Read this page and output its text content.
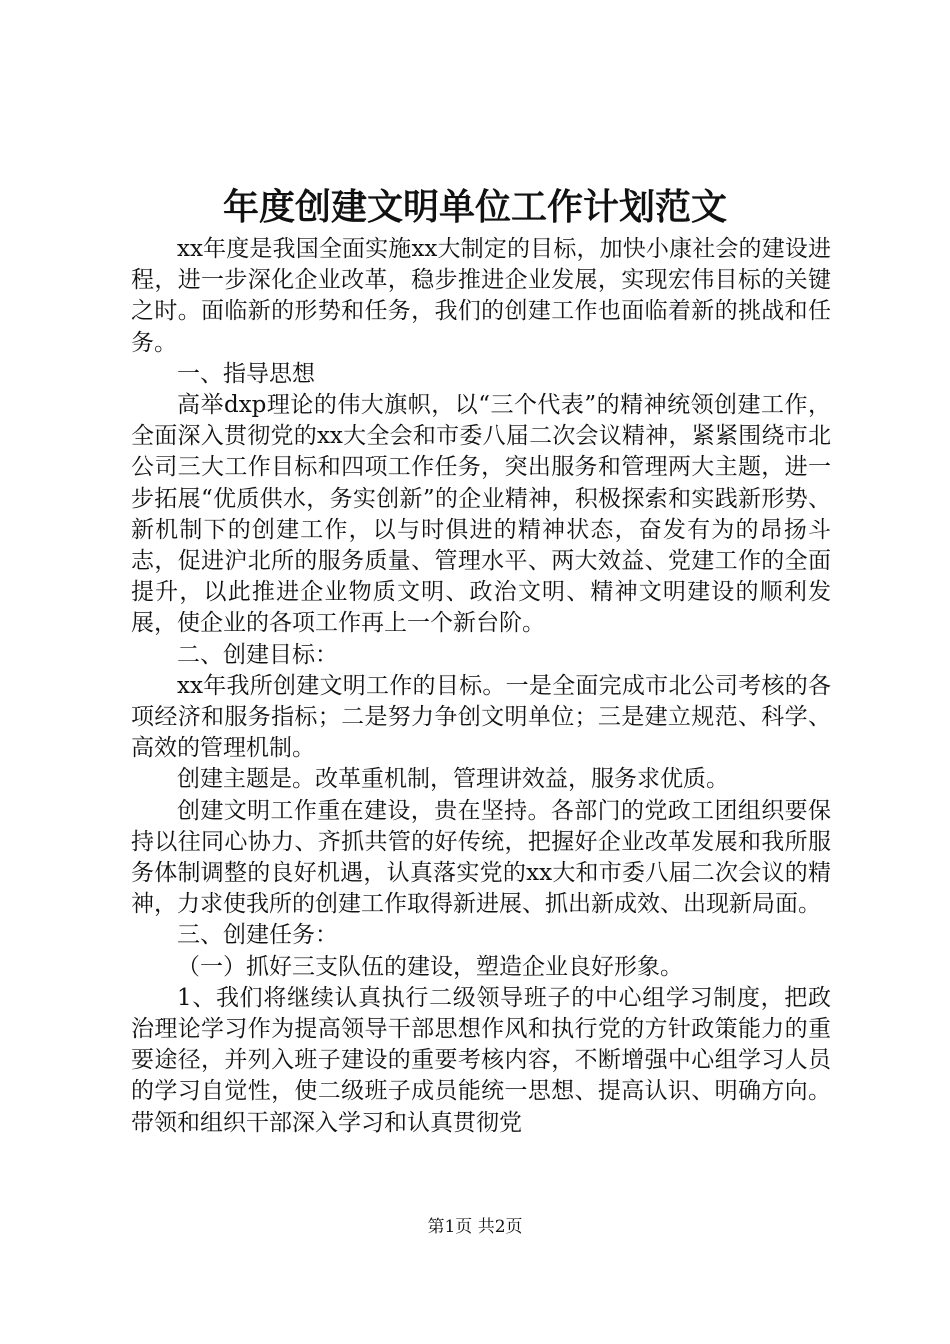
年度创建文明单位工作计划范文

xx年度是我国全面实施xx大制定的目标，加快小康社会的建设进程，进一步深化企业改革，稳步推进企业发展，实现宏伟目标的关键之时。面临新的形势和任务，我们的创建工作也面临着新的挑战和任务。

一、指导思想

高举dxp理论的伟大旗帜，以“三个代表”的精神统领创建工作，全面深入贯彻党的xx大全会和市委八届二次会议精神，紧紧围绕市北公司三大工作目标和四项工作任务，突出服务和管理两大主题，进一步拓展“优质供水，务实创新”的企业精神，积极探索和实践新形势、新机制下的创建工作，以与时俱进的精神状态，奋发有为的昂扬斗志，促进沪北所的服务质量、管理水平、两大效益、党建工作的全面提升，以此推进企业物质文明、政治文明、精神文明建设的顺利发展，使企业的各项工作再上一个新台阶。

二、创建目标：

xx年我所创建文明工作的目标。一是全面完成市北公司考核的各项经济和服务指标；二是努力争创文明单位；三是建立规范、科学、高效的管理机制。

创建主题是。改革重机制，管理讲效益，服务求优质。

创建文明工作重在建设，贵在坚持。各部门的党政工团组织要保持以往同心协力、齐抓共管的好传统，把握好企业改革发展和我所服务体制调整的良好机遇，认真落实党的xx大和市委八届二次会议的精神，力求使我所的创建工作取得新进展、抓出新成效、出现新局面。

三、创建任务：

（一）抓好三支队伍的建设，塑造企业良好形象。

1、我们将继续认真执行二级领导班子的中心组学习制度，把政治理论学习作为提高领导干部思想作风和执行党的方针政策能力的重要途径，并列入班子建设的重要考核内容，不断增强中心组学习人员的学习自觉性，使二级班子成员能统一思想、提高认识、明确方向。带领和组织干部深入学习和认真贯彻党

第1页 共2页
